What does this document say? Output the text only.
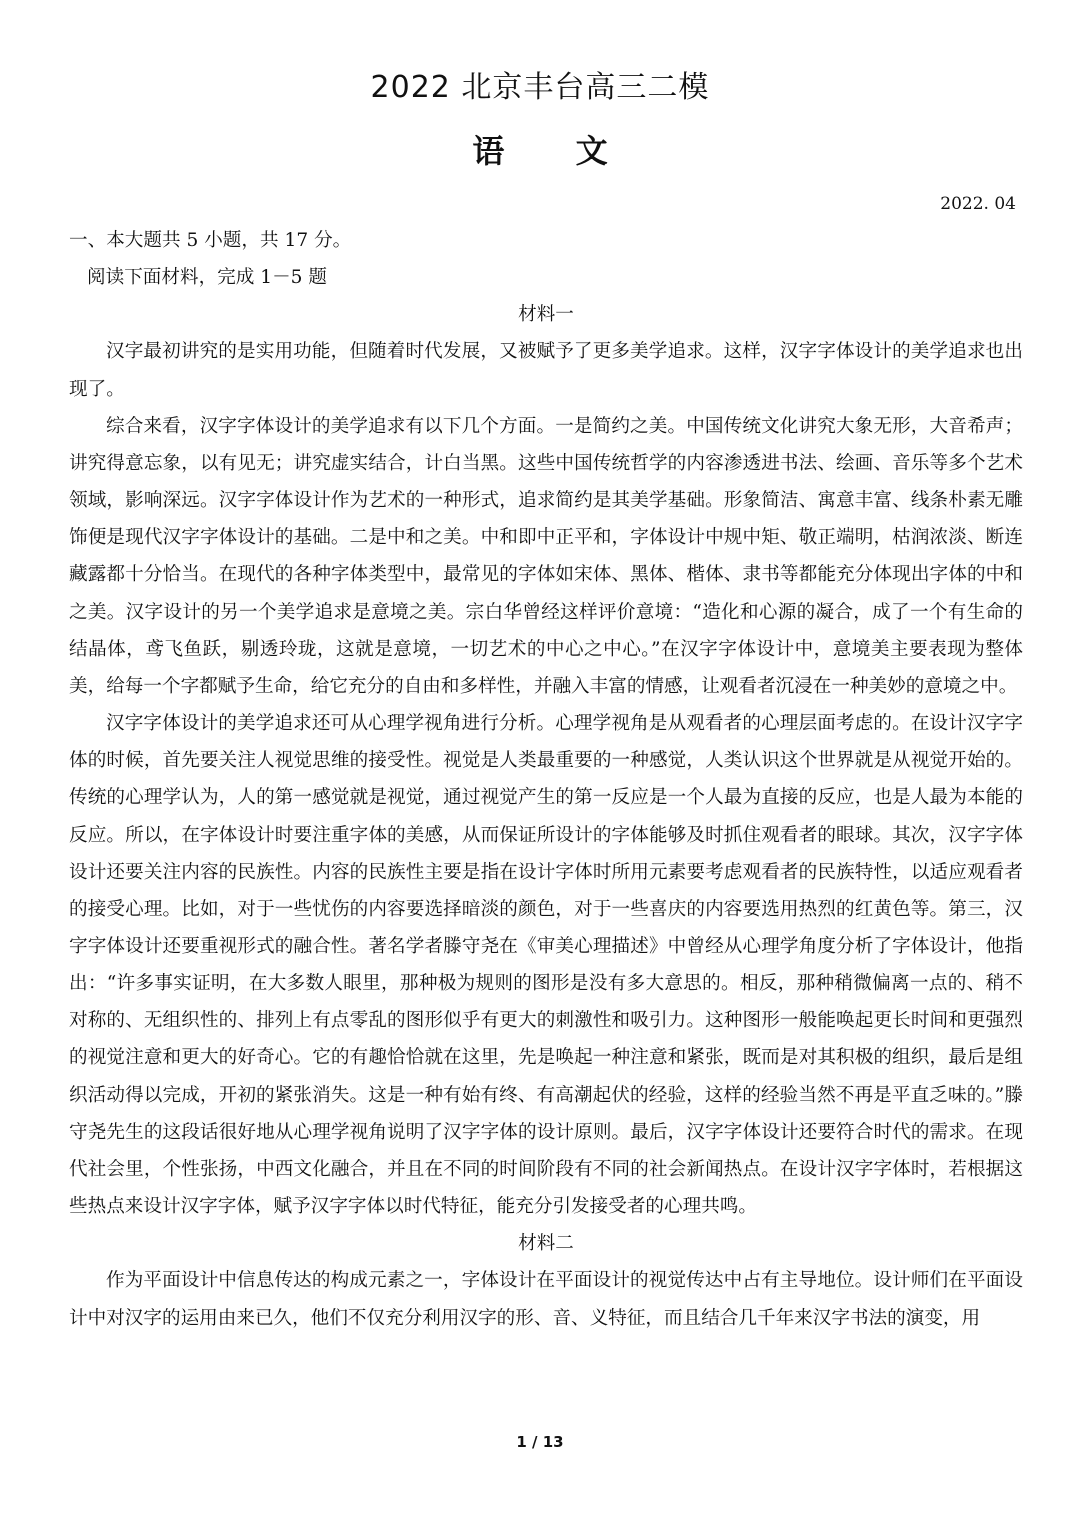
2022 北京丰台高三二模
语 文
2022. 04

一、本大题共 5 小题，共 17 分。

阅读下面材料，完成 1－5 题

材料一

汉字最初讲究的是实用功能，但随着时代发展，又被赋予了更多美学追求。这样，汉字字体设计的美学追求也出现了。

综合来看，汉字字体设计的美学追求有以下几个方面。一是简约之美。中国传统文化讲究大象无形，大音希声；讲究得意忘象，以有见无；讲究虚实结合，计白当黑。这些中国传统哲学的内容渗透进书法、绘画、音乐等多个艺术领域，影响深远。汉字字体设计作为艺术的一种形式，追求简约是其美学基础。形象简洁、寓意丰富、线条朴素无雕饰便是现代汉字字体设计的基础。二是中和之美。中和即中正平和，字体设计中规中矩、敬正端明，枯润浓淡、断连藏露都十分恰当。在现代的各种字体类型中，最常见的字体如宋体、黑体、楷体、隶书等都能充分体现出字体的中和之美。汉字设计的另一个美学追求是意境之美。宗白华曾经这样评价意境：“造化和心源的凝合，成了一个有生命的结晶体，鸢飞鱼跃，剔透玲珑，这就是意境，一切艺术的中心之中心。”在汉字字体设计中，意境美主要表现为整体美，给每一个字都赋予生命，给它充分的自由和多样性，并融入丰富的情感，让观看者沉浸在一种美妙的意境之中。

汉字字体设计的美学追求还可从心理学视角进行分析。心理学视角是从观看者的心理层面考虑的。在设计汉字字体的时候，首先要关注人视觉思维的接受性。视觉是人类最重要的一种感觉，人类认识这个世界就是从视觉开始的。传统的心理学认为，人的第一感觉就是视觉，通过视觉产生的第一反应是一个人最为直接的反应，也是人最为本能的反应。所以，在字体设计时要注重字体的美感，从而保证所设计的字体能够及时抓住观看者的眼球。其次，汉字字体设计还要关注内容的民族性。内容的民族性主要是指在设计字体时所用元素要考虑观看者的民族特性，以适应观看者的接受心理。比如，对于一些忧伤的内容要选择暗淡的颜色，对于一些喜庆的内容要选用热烈的红黄色等。第三，汉字字体设计还要重视形式的融合性。著名学者滕守尧在《审美心理描述》中曾经从心理学角度分析了字体设计，他指出：“许多事实证明，在大多数人眼里，那种极为规则的图形是没有多大意思的。相反，那种稍微偏离一点的、稍不对称的、无组织性的、排列上有点零乱的图形似乎有更大的刺激性和吸引力。这种图形一般能唤起更长时间和更强烈的视觉注意和更大的好奇心。它的有趣恰恰就在这里，先是唤起一种注意和紧张，既而是对其积极的组织，最后是组织活动得以完成，开初的紧张消失。这是一种有始有终、有高潮起伏的经验，这样的经验当然不再是平直乏味的。”滕守尧先生的这段话很好地从心理学视角说明了汉字字体的设计原则。最后，汉字字体设计还要符合时代的需求。在现代社会里，个性张扬，中西文化融合，并且在不同的时间阶段有不同的社会新闻热点。在设计汉字字体时，若根据这些热点来设计汉字字体，赋予汉字字体以时代特征，能充分引发接受者的心理共鸣。

材料二

作为平面设计中信息传达的构成元素之一，字体设计在平面设计的视觉传达中占有主导地位。设计师们在平面设计中对汉字的运用由来已久，他们不仅充分利用汉字的形、音、义特征，而且结合几千年来汉字书法的演变，用

1 / 13
